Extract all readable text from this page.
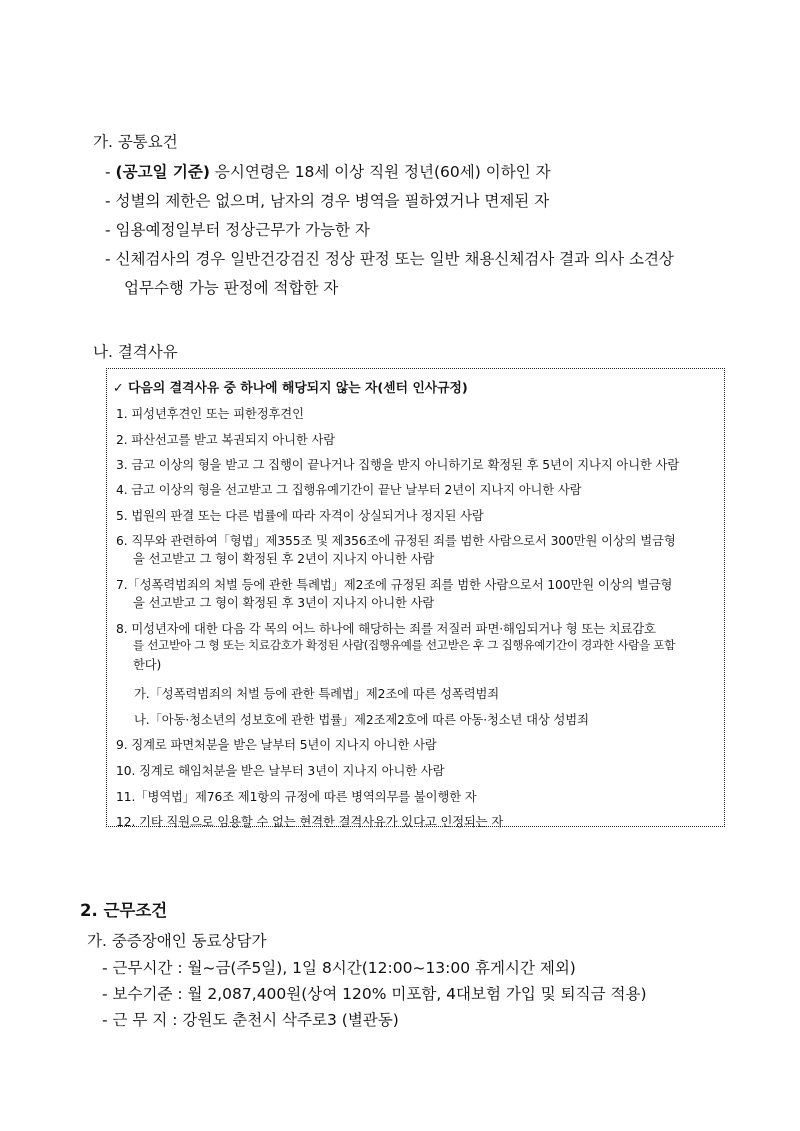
가. 공통요건
- (공고일 기준) 응시연령은 18세 이상 직원 정년(60세) 이하인 자
- 성별의 제한은 없으며, 남자의 경우 병역을 필하였거나 면제된 자
- 임용예정일부터 정상근무가 가능한 자
- 신체검사의 경우 일반건강검진 정상 판정 또는 일반 채용신체검사 결과 의사 소견상
업무수행 가능 판정에 적합한 자
나. 결격사유
✓ 다음의 결격사유 중 하나에 해당되지 않는 자(센터 인사규정)
1. 피성년후견인 또는 피한정후견인
2. 파산선고를 받고 복권되지 아니한 사람
3. 금고 이상의 형을 받고 그 집행이 끝나거나 집행을 받지 아니하기로 확정된 후 5년이 지나지 아니한 사람
4. 금고 이상의 형을 선고받고 그 집행유예기간이 끝난 날부터 2년이 지나지 아니한 사람
5. 법원의 판결 또는 다른 법률에 따라 자격이 상실되거나 정지된 사람
6. 직무와 관련하여「형법」제355조 및 제356조에 규정된 죄를 범한 사람으로서 300만원 이상의 벌금형
을 선고받고 그 형이 확정된 후 2년이 지나지 아니한 사람
7.「성폭력범죄의 처벌 등에 관한 특례법」제2조에 규정된 죄를 범한 사람으로서 100만원 이상의 벌금형
을 선고받고 그 형이 확정된 후 3년이 지나지 아니한 사람
8. 미성년자에 대한 다음 각 목의 어느 하나에 해당하는 죄를 저질러 파면·해임되거나 형 또는 치료감호
를 선고받아 그 형 또는 치료감호가 확정된 사람(집행유예를 선고받은 후 그 집행유예기간이 경과한 사람을 포함
한다)
가.「성폭력범죄의 처벌 등에 관한 특례법」제2조에 따른 성폭력범죄
나.「아동·청소년의 성보호에 관한 법률」제2조제2호에 따른 아동·청소년 대상 성범죄
9. 징계로 파면처분을 받은 날부터 5년이 지나지 아니한 사람
10. 징계로 해임처분을 받은 날부터 3년이 지나지 아니한 사람
11.「병역법」제76조 제1항의 규정에 따른 병역의무를 불이행한 자
12. 기타 직원으로 임용할 수 없는 현격한 결격사유가 있다고 인정되는 자
2. 근무조건
가. 중증장애인 동료상담가
- 근무시간 : 월~금(주5일), 1일 8시간(12:00~13:00 휴게시간 제외)
- 보수기준 : 월 2,087,400원(상여 120% 미포함, 4대보험 가입 및 퇴직금 적용)
- 근 무 지 : 강원도 춘천시 삭주로3 (별관동)
